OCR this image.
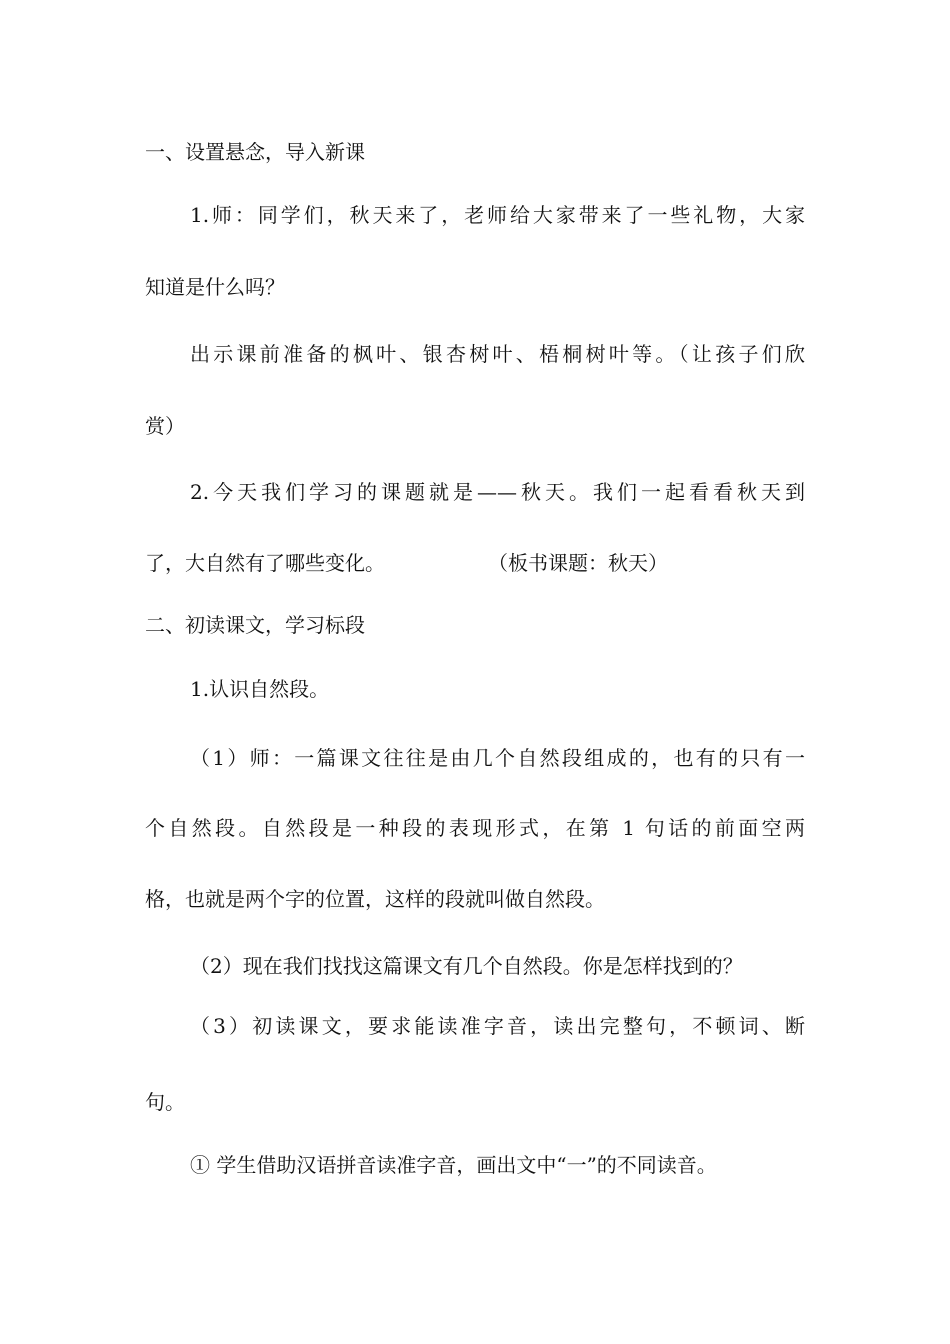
一、设置悬念，导入新课
1.师：同学们，秋天来了，老师给大家带来了一些礼物，大家
知道是什么吗？
出示课前准备的枫叶、银杏树叶、梧桐树叶等。（让孩子们欣
赏）
2.今天我们学习的课题就是——秋天。我们一起看看秋天到
了，大自然有了哪些变化。	（板书课题：秋天）
二、初读课文，学习标段
1.认识自然段。
（1）师：一篇课文往往是由几个自然段组成的，也有的只有一
个自然段。自然段是一种段的表现形式，在第 1 句话的前面空两
格，也就是两个字的位置，这样的段就叫做自然段。
（2）现在我们找找这篇课文有几个自然段。你是怎样找到的？
（3）初读课文，要求能读准字音，读出完整句，不顿词、断
句。
① 学生借助汉语拼音读准字音，画出文中“一”的不同读音。
